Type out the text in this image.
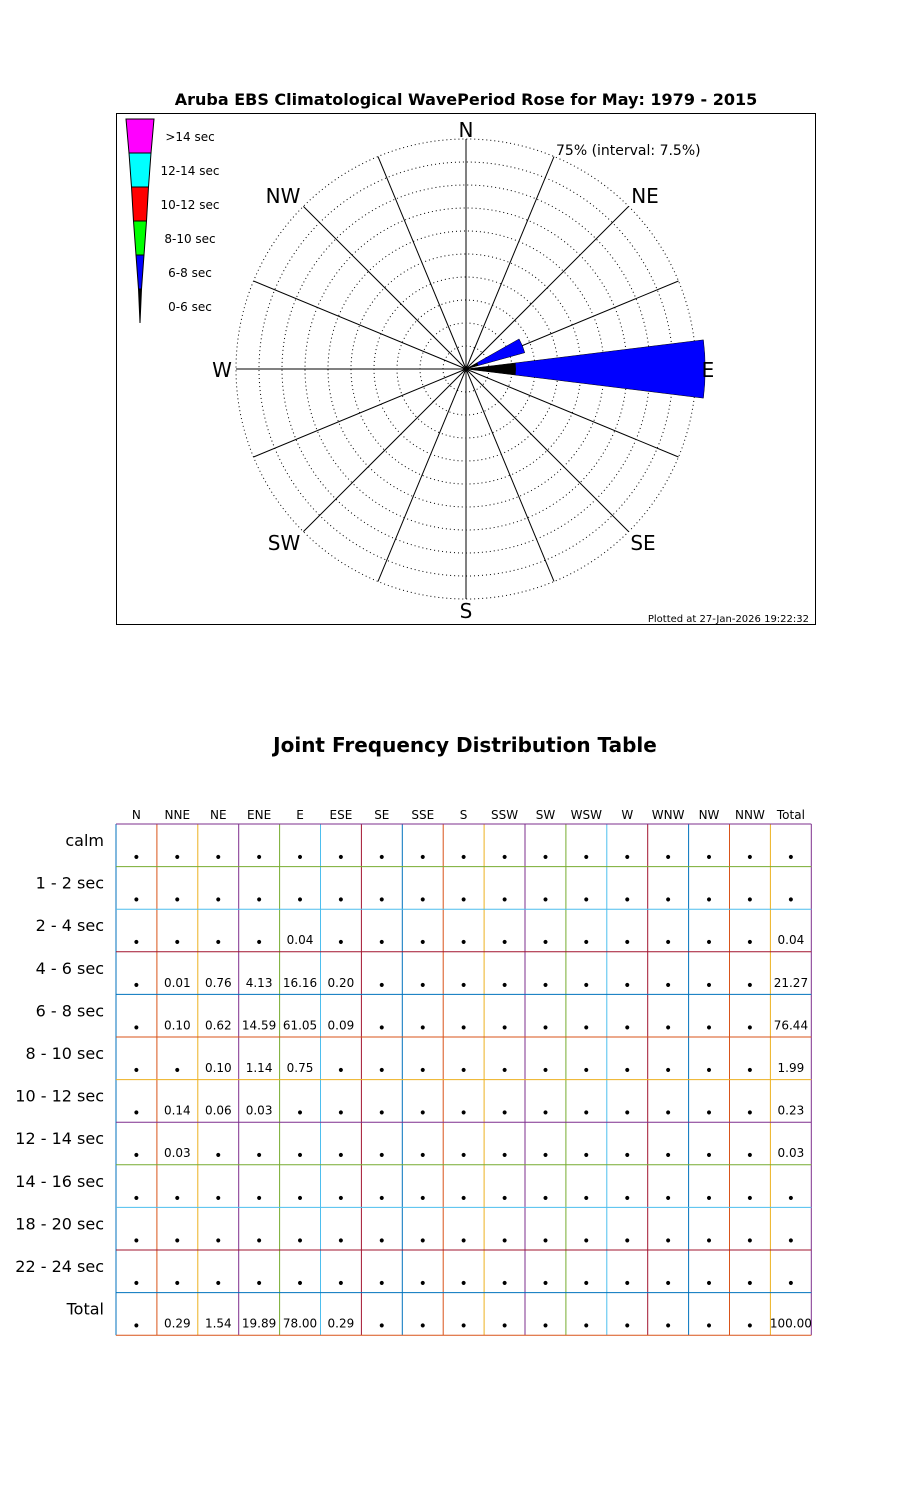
Aruba EBS Climatological WavePeriod Rose for May: 1979 - 2015
>14 sec
12-14 sec
10-12 sec
8-10 sec
6-8 sec
0-6 sec
N
S
W	E
NW	NE
SW	SE
75% (interval: 7.5%)
Plotted at 27-Jan-2026 19:22:32
Joint Frequency Distribution Table
N NNE NE ENE E ESE SE SSE S SSW SW WSW W WNW NW NNW Total
calm
• • • • • • • • • • • • • • • • •
1 - 2 sec
• • • • • • • • • • • • • • • • •
2 - 4 sec
• • • • 0.04 • • • • • • • • • • • 0.04
4 - 6 sec
• 0.01 0.76 4.13 16.16 0.20 • • • • • • • • • • 21.27
6 - 8 sec
• 0.10 0.62 14.59 61.05 0.09 • • • • • • • • • • 76.44
8 - 10 sec
• • 0.10 1.14 0.75 • • • • • • • • • • • 1.99
10 - 12 sec
• 0.14 0.06 0.03 • • • • • • • • • • • • 0.23
12 - 14 sec
• 0.03 • • • • • • • • • • • • • • 0.03
14 - 16 sec
• • • • • • • • • • • • • • • • •
18 - 20 sec
• • • • • • • • • • • • • • • • •
22 - 24 sec
• • • • • • • • • • • • • • • • •
Total
• 0.29 1.54 19.89 78.00 0.29 • • • • • • • • • • 100.00
